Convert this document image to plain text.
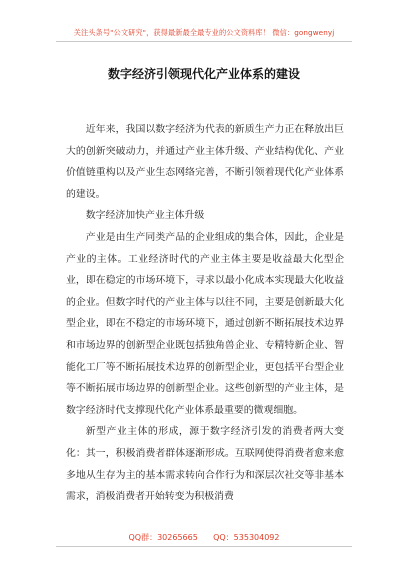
关注头条号"公文研究"，获得最新最全最专业的公文资料库！ 微信：gongwenyj
数字经济引领现代化产业体系的建设

近年来，我国以数字经济为代表的新质生产力正在释放出巨大的创新突破动力，并通过产业主体升级、产业结构优化、产业价值链重构以及产业生态网络完善，不断引领着现代化产业体系的建设。

数字经济加快产业主体升级

产业是由生产同类产品的企业组成的集合体，因此，企业是产业的主体。工业经济时代的产业主体主要是收益最大化型企业，即在稳定的市场环境下，寻求以最小化成本实现最大化收益的企业。但数字时代的产业主体与以往不同，主要是创新最大化型企业，即在不稳定的市场环境下，通过创新不断拓展技术边界和市场边界的创新型企业既包括独角兽企业、专精特新企业、智能化工厂等不断拓展技术边界的创新型企业，更包括平台型企业等不断拓展市场边界的创新型企业。这些创新型的产业主体，是数字经济时代支撑现代化产业体系最重要的微观细胞。

新型产业主体的形成，源于数字经济引发的消费者两大变化：其一，积极消费者群体逐渐形成。互联网使得消费者愈来愈多地从生存为主的基本需求转向合作行为和深层次社交等非基本需求，消极消费者开始转变为积极消费

QQ群：30265665 QQ：535304092
